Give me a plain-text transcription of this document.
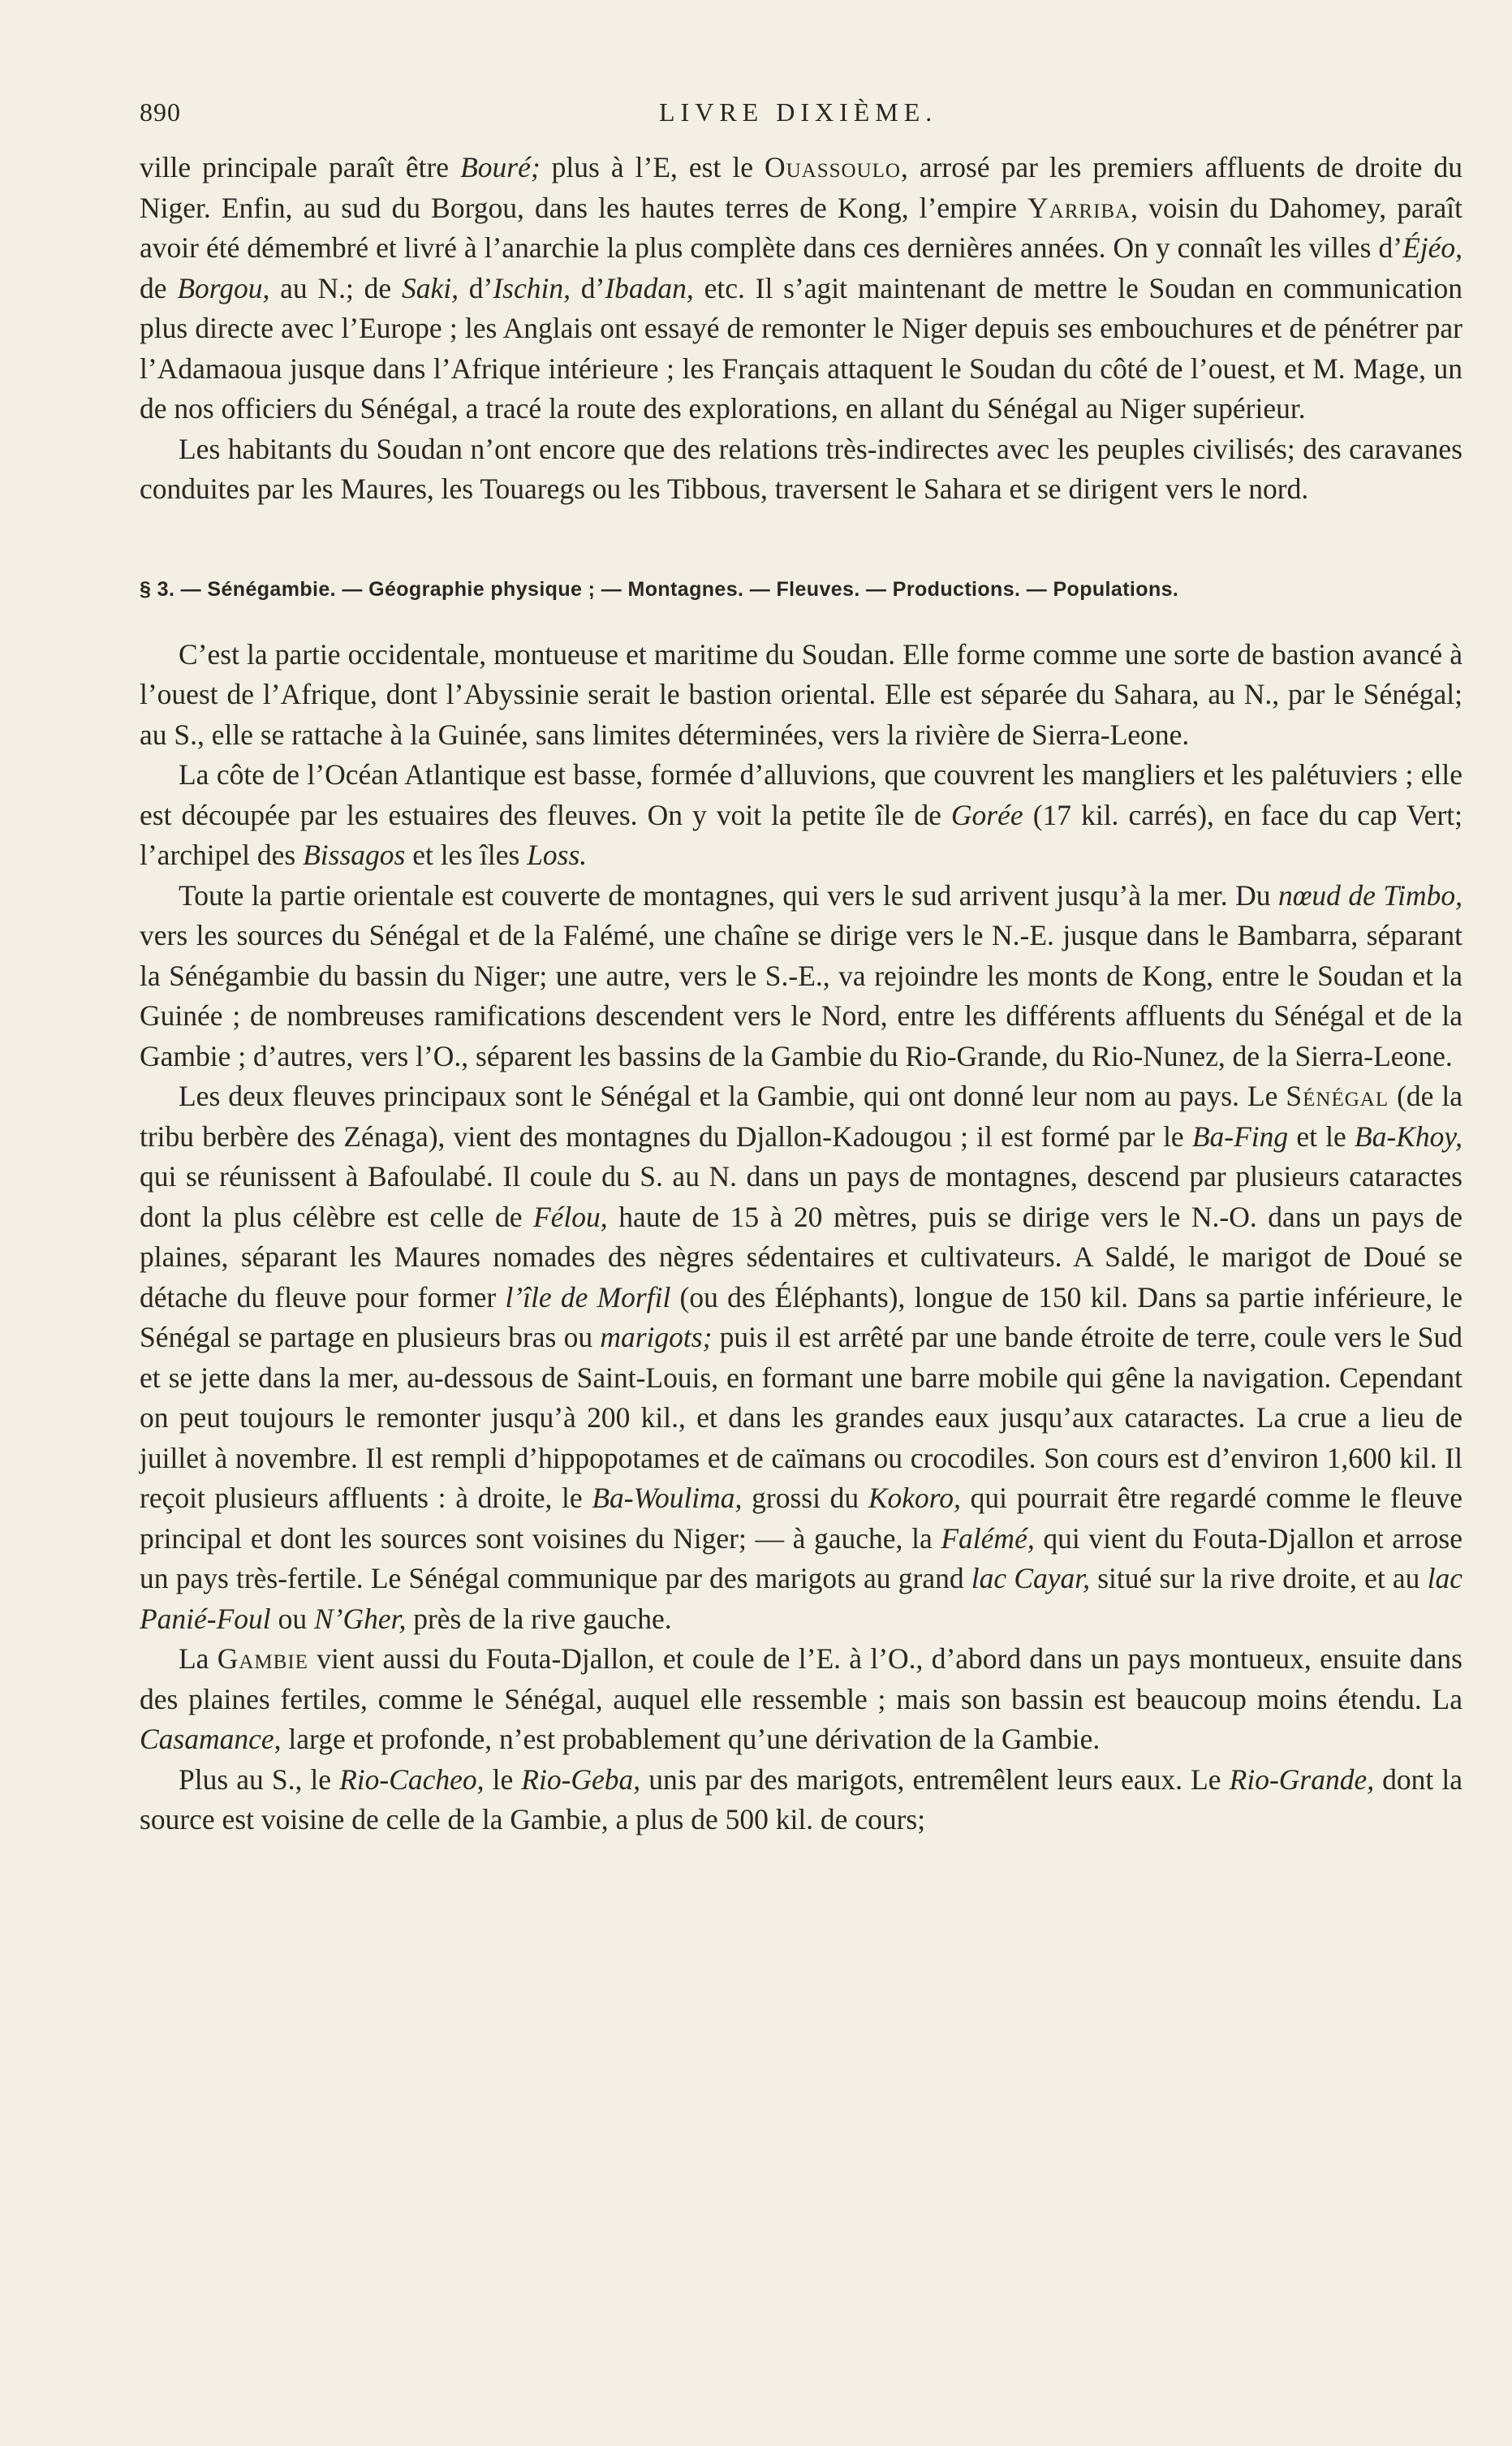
890	LIVRE DIXIÈME.

ville principale paraît être Bouré; plus à l’E, est le Ouassoulo, arrosé par les premiers affluents de droite du Niger. Enfin, au sud du Borgou, dans les hautes terres de Kong, l’empire Yarriba, voisin du Dahomey, paraît avoir été démembré et livré à l’anarchie la plus complète dans ces dernières années. On y connaît les villes d’Éjéo, de Borgou, au N.; de Saki, d’Ischin, d’Ibadan, etc. Il s’agit maintenant de mettre le Soudan en communication plus directe avec l’Europe ; les Anglais ont essayé de remonter le Niger depuis ses embouchures et de pénétrer par l’Adamaoua jusque dans l’Afrique intérieure ; les Français attaquent le Soudan du côté de l’ouest, et M. Mage, un de nos officiers du Sénégal, a tracé la route des explorations, en allant du Sénégal au Niger supérieur.

Les habitants du Soudan n’ont encore que des relations très-indirectes avec les peuples civilisés; des caravanes conduites par les Maures, les Touaregs ou les Tibbous, traversent le Sahara et se dirigent vers le nord.

§ 3. — Sénégambie. — Géographie physique ; — Montagnes. — Fleuves. — Productions. — Populations.

C’est la partie occidentale, montueuse et maritime du Soudan. Elle forme comme une sorte de bastion avancé à l’ouest de l’Afrique, dont l’Abyssinie serait le bastion oriental. Elle est séparée du Sahara, au N., par le Sénégal; au S., elle se rattache à la Guinée, sans limites déterminées, vers la rivière de Sierra-Leone.

La côte de l’Océan Atlantique est basse, formée d’alluvions, que couvrent les mangliers et les palétuviers ; elle est découpée par les estuaires des fleuves. On y voit la petite île de Gorée (17 kil. carrés), en face du cap Vert; l’archipel des Bissagos et les îles Loss.

Toute la partie orientale est couverte de montagnes, qui vers le sud arrivent jusqu’à la mer. Du nœud de Timbo, vers les sources du Sénégal et de la Falémé, une chaîne se dirige vers le N.-E. jusque dans le Bambarra, séparant la Sénégambie du bassin du Niger; une autre, vers le S.-E., va rejoindre les monts de Kong, entre le Soudan et la Guinée ; de nombreuses ramifications descendent vers le Nord, entre les différents affluents du Sénégal et de la Gambie ; d’autres, vers l’O., séparent les bassins de la Gambie du Rio-Grande, du Rio-Nunez, de la Sierra-Leone.

Les deux fleuves principaux sont le Sénégal et la Gambie, qui ont donné leur nom au pays. Le Sénégal (de la tribu berbère des Zénaga), vient des montagnes du Djallon-Kadougou ; il est formé par le Ba-Fing et le Ba-Khoy, qui se réunissent à Bafoulabé. Il coule du S. au N. dans un pays de montagnes, descend par plusieurs cataractes dont la plus célèbre est celle de Félou, haute de 15 à 20 mètres, puis se dirige vers le N.-O. dans un pays de plaines, séparant les Maures nomades des nègres sédentaires et cultivateurs. A Saldé, le marigot de Doué se détache du fleuve pour former l’île de Morfil (ou des Éléphants), longue de 150 kil. Dans sa partie inférieure, le Sénégal se partage en plusieurs bras ou marigots; puis il est arrêté par une bande étroite de terre, coule vers le Sud et se jette dans la mer, au-dessous de Saint-Louis, en formant une barre mobile qui gêne la navigation. Cependant on peut toujours le remonter jusqu’à 200 kil., et dans les grandes eaux jusqu’aux cataractes. La crue a lieu de juillet à novembre. Il est rempli d’hippopotames et de caïmans ou crocodiles. Son cours est d’environ 1,600 kil. Il reçoit plusieurs affluents : à droite, le Ba-Woulima, grossi du Kokoro, qui pourrait être regardé comme le fleuve principal et dont les sources sont voisines du Niger; — à gauche, la Falémé, qui vient du Fouta-Djallon et arrose un pays très-fertile. Le Sénégal communique par des marigots au grand lac Cayar, situé sur la rive droite, et au lac Panié-Foul ou N’Gher, près de la rive gauche.

La Gambie vient aussi du Fouta-Djallon, et coule de l’E. à l’O., d’abord dans un pays montueux, ensuite dans des plaines fertiles, comme le Sénégal, auquel elle ressemble ; mais son bassin est beaucoup moins étendu. La Casamance, large et profonde, n’est probablement qu’une dérivation de la Gambie.

Plus au S., le Rio-Cacheo, le Rio-Geba, unis par des marigots, entremêlent leurs eaux. Le Rio-Grande, dont la source est voisine de celle de la Gambie, a plus de 500 kil. de cours;
